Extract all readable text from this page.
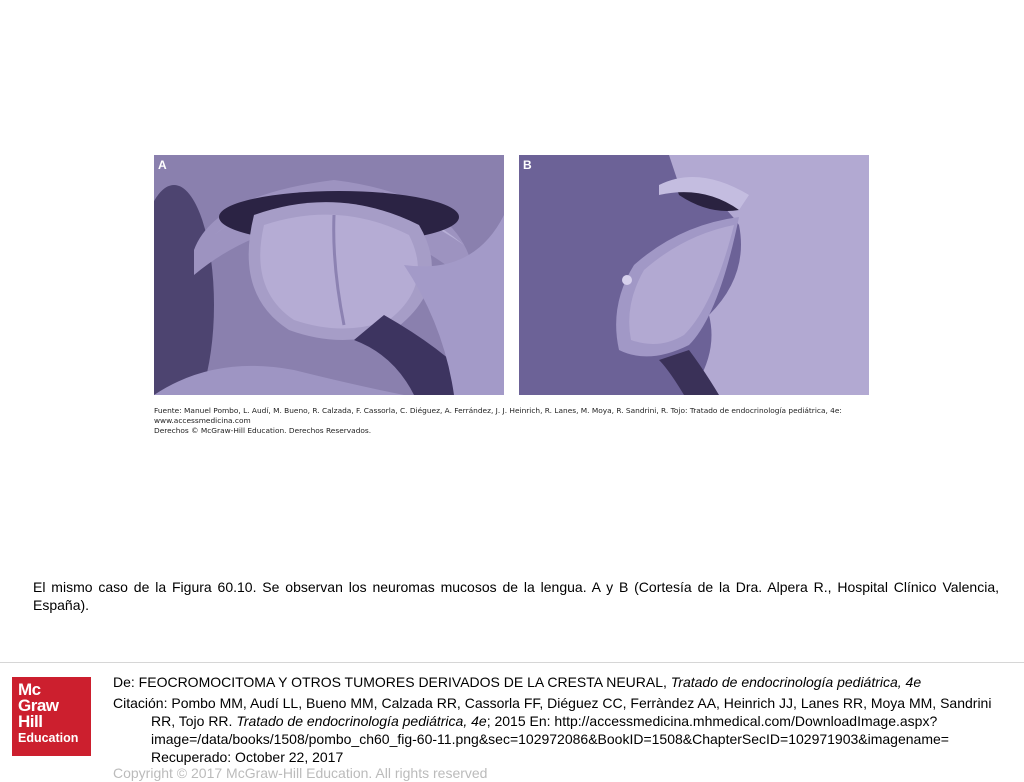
A	B

Fuente: Manuel Pombo, L. Audí, M. Bueno, R. Calzada, F. Cassorla, C. Diéguez, A. Ferrández, J. J. Heinrich, R. Lanes, M. Moya, R. Sandrini, R. Tojo: Tratado de endocrinología pediátrica, 4e:

www.accessmedicina.com

Derechos © McGraw-Hill Education. Derechos Reservados.

El mismo caso de la Figura 60.10. Se observan los neuromas mucosos de la lengua. A y B (Cortesía de la Dra. Alpera R., Hospital Clínico Valencia, España).
Mc
Graw
Hill
Education
De: FEOCROMOCITOMA Y OTROS TUMORES DERIVADOS DE LA CRESTA NEURAL, Tratado de endocrinología pediátrica, 4e
Citación: Pombo MM, Audí LL, Bueno MM, Calzada RR, Cassorla FF, Diéguez CC, Ferràndez AA, Heinrich JJ, Lanes RR, Moya MM, Sandrini RR, Tojo RR. Tratado de endocrinología pediátrica, 4e; 2015 En: http://accessmedicina.mhmedical.com/DownloadImage.aspx?image=/data/books/1508/pombo_ch60_fig-60-11.png&sec=102972086&BookID=1508&ChapterSecID=102971903&imagename= Recuperado: October 22, 2017
Copyright © 2017 McGraw-Hill Education. All rights reserved
